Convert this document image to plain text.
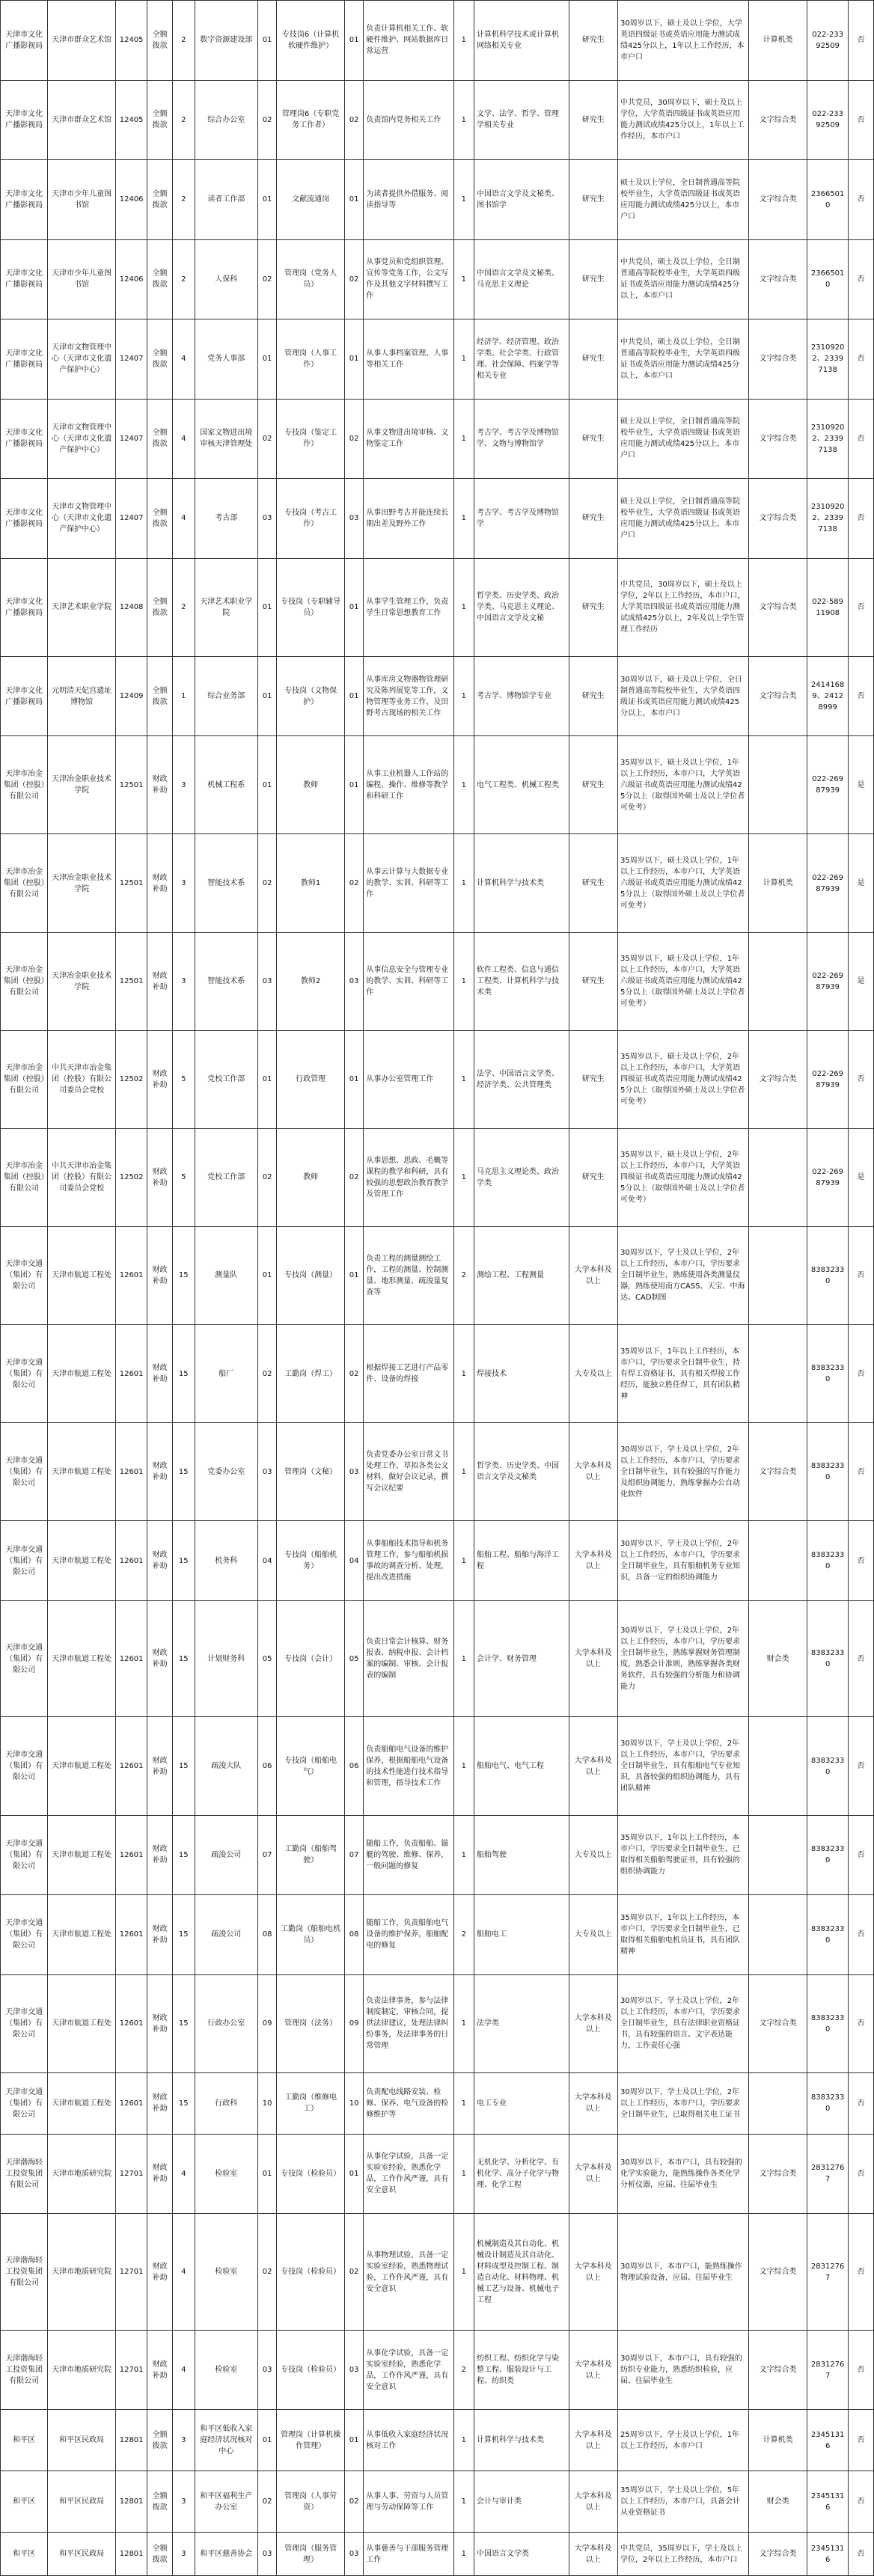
天津市文化广播影视局	天津市群众艺术馆	12405	全额拨款	2	数字资源建设部	01	专技岗6（计算机软硬件维护）	01	负责计算机相关工作、软硬件维护、网站数据库日常运营	1	计算机科学技术或计算机网络相关专业	研究生	30周岁以下，硕士及以上学位，大学英语四级证书或英语应用能力测试成绩425分以上，1年以上工作经历，本市户口	计算机类	022-23392509	否
天津市文化广播影视局	天津市群众艺术馆	12405	全额拨款	2	综合办公室	02	管理岗6（专职党务工作者）	02	负责馆内党务相关工作	1	文学、法学、哲学、管理学相关专业	研究生	中共党员，30周岁以下，硕士及以上学位，大学英语四级证书或英语应用能力测试成绩425分以上，1年以上工作经历，本市户口	文字综合类	022-23392509	否
天津市文化广播影视局	天津市少年儿童图书馆	12406	全额拨款	2	读者工作部	01	文献流通岗	01	为读者提供外借服务、阅读指导等	1	中国语言文学及文秘类、图书馆学	研究生	硕士及以上学位，全日制普通高等院校毕业生，大学英语四级证书或英语应用能力测试成绩425分以上，本市户口	文字综合类	23665010	否
天津市文化广播影视局	天津市少年儿童图书馆	12406	全额拨款	2	人保科	02	管理岗（党务人员）	02	从事党员和党组织管理、宣传等党务工作，公文写作及其他文字材料撰写工作	1	中国语言文学及文秘类、马克思主义理论	研究生	中共党员，硕士及以上学位，全日制普通高等院校毕业生，大学英语四级证书或英语应用能力测试成绩425分以上，本市户口	文字综合类	23665010	否
天津市文化广播影视局	天津市文物管理中心（天津市文化遗产保护中心）	12407	全额拨款	4	党务人事部	01	管理岗（人事工作）	01	从事人事档案管理、人事等相关工作	1	经济学、经济管理、政治学类、社会学类、行政管理、社会保障、档案学等相关专业	研究生	中共党员，硕士及以上学位，全日制普通高等院校毕业生，大学英语四级证书或英语应用能力测试成绩425分以上，本市户口	文字综合类	23109202、23397138	否
天津市文化广播影视局	天津市文物管理中心（天津市文化遗产保护中心）	12407	全额拨款	4	国家文物进出境审核天津管理处	02	专技岗（鉴定工作）	02	从事文物进出境审核、文物鉴定工作	1	考古学、考古学及博物馆学、文物与博物馆学	研究生	硕士及以上学位，全日制普通高等院校毕业生，大学英语四级证书或英语应用能力测试成绩425分以上，本市户口	文字综合类	23109202、23397138	否
天津市文化广播影视局	天津市文物管理中心（天津市文化遗产保护中心）	12407	全额拨款	4	考古部	03	专技岗（考古工作）	03	从事田野考古并能连续长期出差及野外工作	1	考古学、考古学及博物馆学	研究生	硕士及以上学位，全日制普通高等院校毕业生，大学英语四级证书或英语应用能力测试成绩425分以上，本市户口	文字综合类	23109202、23397138	否
天津市文化广播影视局	天津艺术职业学院	12408	全额拨款	2	天津艺术职业学院	01	专技岗（专职辅导员）	01	从事学生管理工作，负责学生日常思想教育工作	1	哲学类、历史学类、政治学类、马克思主义理论、中国语言文学及文秘	研究生	中共党员，30周岁以下，硕士及以上学位，2年以上工作经历，本市户口，大学英语四级证书或英语应用能力测试成绩425分以上，2年及以上学生管理工作经历	文字综合类	022-58911908	否
天津市文化广播影视局	元明清天妃宫遗址博物馆	12409	全额拨款	1	综合业务部	01	专技岗（文物保护）	01	从事库房文物器物管理研究及陈列展览等工作，文物管理等业务工作，及田野考古现场的相关工作	1	考古学、博物馆学专业	研究生	30周岁以下，硕士及以上学位，全日制普通高等院校毕业生，大学英语四级证书或英语应用能力测试成绩425分以上，本市户口	文字综合类	24141689、24128999	否
天津市冶金集团（控股）有限公司	天津冶金职业技术学院	12501	财政补助	3	机械工程系	01	教师	01	从事工业机器人工作站的编程、操作、维修等教学和科研工作	1	电气工程类、机械工程类	研究生	35周岁以下，硕士及以上学位，1年以上工作经历，本市户口，大学英语六级证书或英语应用能力测试成绩425分以上（取得国外硕士及以上学位者可免考）		022-26987939	是
天津市冶金集团（控股）有限公司	天津冶金职业技术学院	12501	财政补助	3	智能技术系	02	教师1	02	从事云计算与大数据专业的教学、实训、科研等工作	1	计算机科学与技术类	研究生	35周岁以下，硕士及以上学位，1年以上工作经历，本市户口，大学英语六级证书或英语应用能力测试成绩425分以上（取得国外硕士及以上学位者可免考）	计算机类	022-26987939	是
天津市冶金集团（控股）有限公司	天津冶金职业技术学院	12501	财政补助	3	智能技术系	03	教师2	03	从事信息安全与管理专业的教学、实训、科研等工作	1	软件工程类、信息与通信工程类、计算机科学与技术类	研究生	35周岁以下，硕士及以上学位，1年以上工作经历，本市户口，大学英语六级证书或英语应用能力测试成绩425分以上（取得国外硕士及以上学位者可免考）		022-26987939	是
天津市冶金集团（控股）有限公司	中共天津市冶金集团（控股）有限公司委员会党校	12502	财政补助	5	党校工作部	01	行政管理	01	从事办公室管理工作	1	法学、中国语言文学类、经济学类、公共管理类	研究生	35周岁以下，硕士及以上学位，2年以上工作经历，本市户口，大学英语四级证书或英语应用能力测试成绩425分以上（取得国外硕士及以上学位者可免考）	文字综合类	022-26987939	否
天津市冶金集团（控股）有限公司	中共天津市冶金集团（控股）有限公司委员会党校	12502	财政补助	5	党校工作部	02	教师	02	从事思想、思政、毛概等课程的教学和科研，具有较强的思想政治教育教学及管理工作	1	马克思主义理论类、政治学类	研究生	35周岁以下，硕士及以上学位，2年以上工作经历，本市户口，大学英语四级证书或英语应用能力测试成绩425分以上（取得国外硕士及以上学位者可免考）		022-26987939	是
天津市交通（集团）有限公司	天津市航道工程处	12601	财政补助	15	测量队	01	专技岗（测量）	01	负责工程的测量测绘工作，工程的测量、控制测量、地形测量、疏浚量复查等	2	测绘工程、工程测量	大学本科及以上	30周岁以下，学士及以上学位，2年以上工作经历，本市户口，学历要求全日制毕业生，熟练使用各类测量仪器，熟练使用南方CASS、天宝、中海达、CAD制图		83832330	否
天津市交通（集团）有限公司	天津市航道工程处	12601	财政补助	15	船厂	02	工勤岗（焊工）	02	根据焊接工艺进行产品零件、设备的焊接	1	焊接技术	大专及以上	35周岁以下，1年以上工作经历，本市户口，学历要求全日制毕业生，持有焊工资格证书，具有相关焊接工作经历，能独立胜任焊工，具有团队精神		83832330	否
天津市交通（集团）有限公司	天津市航道工程处	12601	财政补助	15	党委办公室	03	管理岗（文秘）	03	负责党委办公室日常文书处理工作，草拟各类公文材料，做好会议记录，撰写会议纪要	1	哲学类、历史学类、中国语言文学及文秘类	大学本科及以上	30周岁以下，学士及以上学位，2年以上工作经历，本市户口，学历要求全日制毕业生，具有较强的写作能力及组织协调能力，熟练掌握办公自动化软件	文字综合类	83832330	否
天津市交通（集团）有限公司	天津市航道工程处	12601	财政补助	15	机务科	04	专技岗（船舶机务）	04	从事船舶技术指导和机务管理工作，参与船舶机损事故的调查分析、处理，提出改进措施	1	船舶工程、船舶与海洋工程	大学本科及以上	30周岁以下，学士及以上学位，2年以上工作经历，本市户口，学历要求全日制毕业生，具有船舶机务专业知识，具备一定的组织协调能力		83832330	否
天津市交通（集团）有限公司	天津市航道工程处	12601	财政补助	15	计划财务科	05	专技岗（会计）	05	负责日常会计核算、财务报表、纳税申报、会计档案的编制、审核、会计报表的编制	1	会计学、财务管理	大学本科及以上	30周岁以下，学士及以上学位，2年以上工作经历，本市户口，学历要求全日制毕业生，熟练掌握财务管理制度，熟悉会计准则，熟练掌握各类财务软件，具有较强的分析能力和协调能力	财会类	83832330	否
天津市交通（集团）有限公司	天津市航道工程处	12601	财政补助	15	疏浚大队	06	专技岗（船舶电气）	06	负责船舶电气设备的维护保养，根据船舶电气设备的技术性能进行技术指导和管理，指导技术工作	1	船舶电气、电气工程	大学本科及以上	30周岁以下，学士及以上学位，2年以上工作经历，本市户口，学历要求全日制毕业生，具有船舶电气专业知识，具备较强的组织协调能力，具有团队精神		83832330	否
天津市交通（集团）有限公司	天津市航道工程处	12601	财政补助	15	疏浚公司	07	工勤岗（船舶驾驶）	07	随船工作，负责船舶、锚艇的驾驶、维修、保养，一般问题的修复	1	船舶驾驶	大专及以上	35周岁以下，1年以上工作经历，本市户口，学历要求全日制毕业生，已取得相关船舶驾驶证书，具有较强的组织协调能力		83832330	否
天津市交通（集团）有限公司	天津市航道工程处	12601	财政补助	15	疏浚公司	08	工勤岗（船舶电机员）	08	随船工作，负责船舶电气设备的维护保养，船舶配电的修复	2	船舶电工	大专及以上	35周岁以下，1年以上工作经历，本市户口，学历要求全日制毕业生，已取得相关船舶电机员证书，具有团队精神		83832330	否
天津市交通（集团）有限公司	天津市航道工程处	12601	财政补助	15	行政办公室	09	管理岗（法务）	09	负责法律事务，参与法律制度制定，审核合同，提供法律建议，处理法律纠纷事务，及法律事务的日常管理	1	法学类	大学本科及以上	30周岁以下，学士及以上学位，2年以上工作经历，本市户口，学历要求全日制毕业生，具有法律职业资格证书，具有较强的语言、文字表达能力，工作责任心强	文字综合类	83832330	否
天津市交通（集团）有限公司	天津市航道工程处	12601	财政补助	15	行政科	10	工勤岗（维修电工）	10	负责配电线路安装、检修、保养、电气设备的检修维护等	1	电工专业	大学本科及以上	30周岁以下，学士及以上学位，2年以上工作经历，本市户口，学历要求全日制毕业生，已取得相关电工证书		83832330	否
天津渤海轻工投资集团有限公司	天津市地质研究院	12701	财政补助	4	检验室	01	专技岗（检验员）	01	从事化学试验，具备一定实验室经验，熟悉化学品，工作作风严谨，具有安全意识	1	无机化学、分析化学、有机化学、高分子化学与物理、化学工程	大学本科及以上	30周岁以下，本市户口，具有较强的化学实验能力，能熟练操作各类化学分析仪器，应届、往届毕业生	文字综合类	28312767	否
天津渤海轻工投资集团有限公司	天津市地质研究院	12701	财政补助	4	检验室	02	专技岗（检验员）	02	从事物理试验，具备一定实验室经验，熟悉物理试验，工作作风严谨，具有安全意识	1	机械制造及其自动化、机械设计制造及其自动化、材料成型及控制工程、制造自动化、材料物理、机械工艺与设备、机械电子工程	大学本科及以上	30周岁以下，本市户口，能熟练操作物理试验设备，应届、往届毕业生	文字综合类	28312767	否
天津渤海轻工投资集团有限公司	天津市地质研究院	12701	财政补助	4	检验室	03	专技岗（检验员）	03	从事化学试验，具备一定实验室经验，熟悉化学品，工作作风严谨，具有安全意识	2	纺织工程、纺织化学与染整工程、服装设计与工程、纺织类	大学本科及以上	30周岁以下，本市户口，具有较强的纺织专业能力，熟悉纺织检验，应届、往届毕业生	文字综合类	28312767	否
和平区	和平区民政局	12801	全额拨款	3	和平区低收入家庭经济状况核对中心	01	管理岗（计算机操作管理）	01	从事低收入家庭经济状况核对工作	1	计算机科学与技术类	大学本科及以上	25周岁以下，学士及以上学位，1年以上工作经历，本市户口	计算机类	23451316	否
和平区	和平区民政局	12801	全额拨款	3	和平区福利生产办公室	02	管理岗（人事劳资）	02	从事人事、劳资与人员管理与劳动保障等工作	1	会计与审计类	大学本科及以上	35周岁以下，学士及以上学位，5年以上工作经历，本市户口，具备会计从业资格证书	财会类	23451316	否
和平区	和平区民政局	12801	全额拨款	3	和平区慈善协会	03	管理岗（服务管理）	03	从事慈善与干部服务管理工作	1	中国语言文学类	大学本科及以上	中共党员，35周岁以下，学士及以上学位，2年以上工作经历，本市户口	文字综合类	23451316	否
